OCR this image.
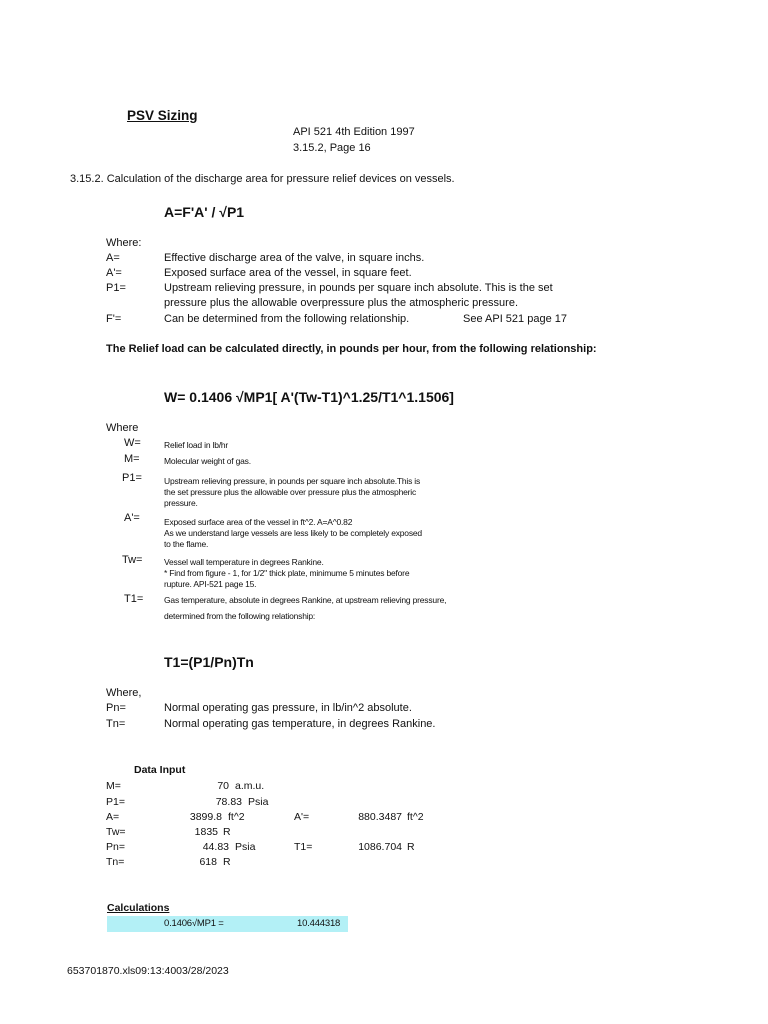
PSV Sizing
API 521 4th Edition 1997
3.15.2, Page 16
3.15.2. Calculation of the discharge area for pressure relief devices on vessels.
A=F'A' / √P1
Where:
A=	Effective discharge area of the valve, in square inchs.
A'=	Exposed surface area of the vessel, in square feet.
P1=	Upstream relieving pressure, in pounds per square inch absolute. This is the set
pressure plus the allowable overpressure plus the atmospheric pressure.
F'=	Can be determined from the following relationship.	See API 521 page 17
The Relief load can be calculated directly, in pounds per hour, from the following relationship:
W= 0.1406 √MP1[ A'(Tw-T1)^1.25/T1^1.1506]
Where
W=	Relief load in lb/hr
M=	Molecular weight of gas.
P1=	Upstream relieving pressure, in pounds per square inch absolute.This is
the set pressure plus the allowable over pressure plus the atmospheric
pressure.
A'=	Exposed surface area of the vessel in ft^2. A=A^0.82
As we understand large vessels are less likely to be completely exposed
to the flame.
Tw=	Vessel wall temperature in degrees Rankine.
* Find from figure - 1, for 1/2" thick plate, minimume 5 minutes before
rupture. API-521 page 15.
T1= Gas temperature, absolute in degrees Rankine, at upstream relieving pressure,
determined from the following relationship:
T1=(P1/Pn)Tn
Where,
Pn=	Normal operating gas pressure, in lb/in^2 absolute.
Tn=	Normal operating gas temperature, in degrees Rankine.
Data Input
M=	70 a.m.u.
P1=	78.83 Psia
A=	3899.8 ft^2	A'=	880.3487 ft^2
Tw=	1835 R
Pn=	44.83 Psia	T1=	1086.704 R
Tn=	618 R
Calculations
0.1406√MP1 =	10.444318
653701870.xls09:13:4003/28/2023
